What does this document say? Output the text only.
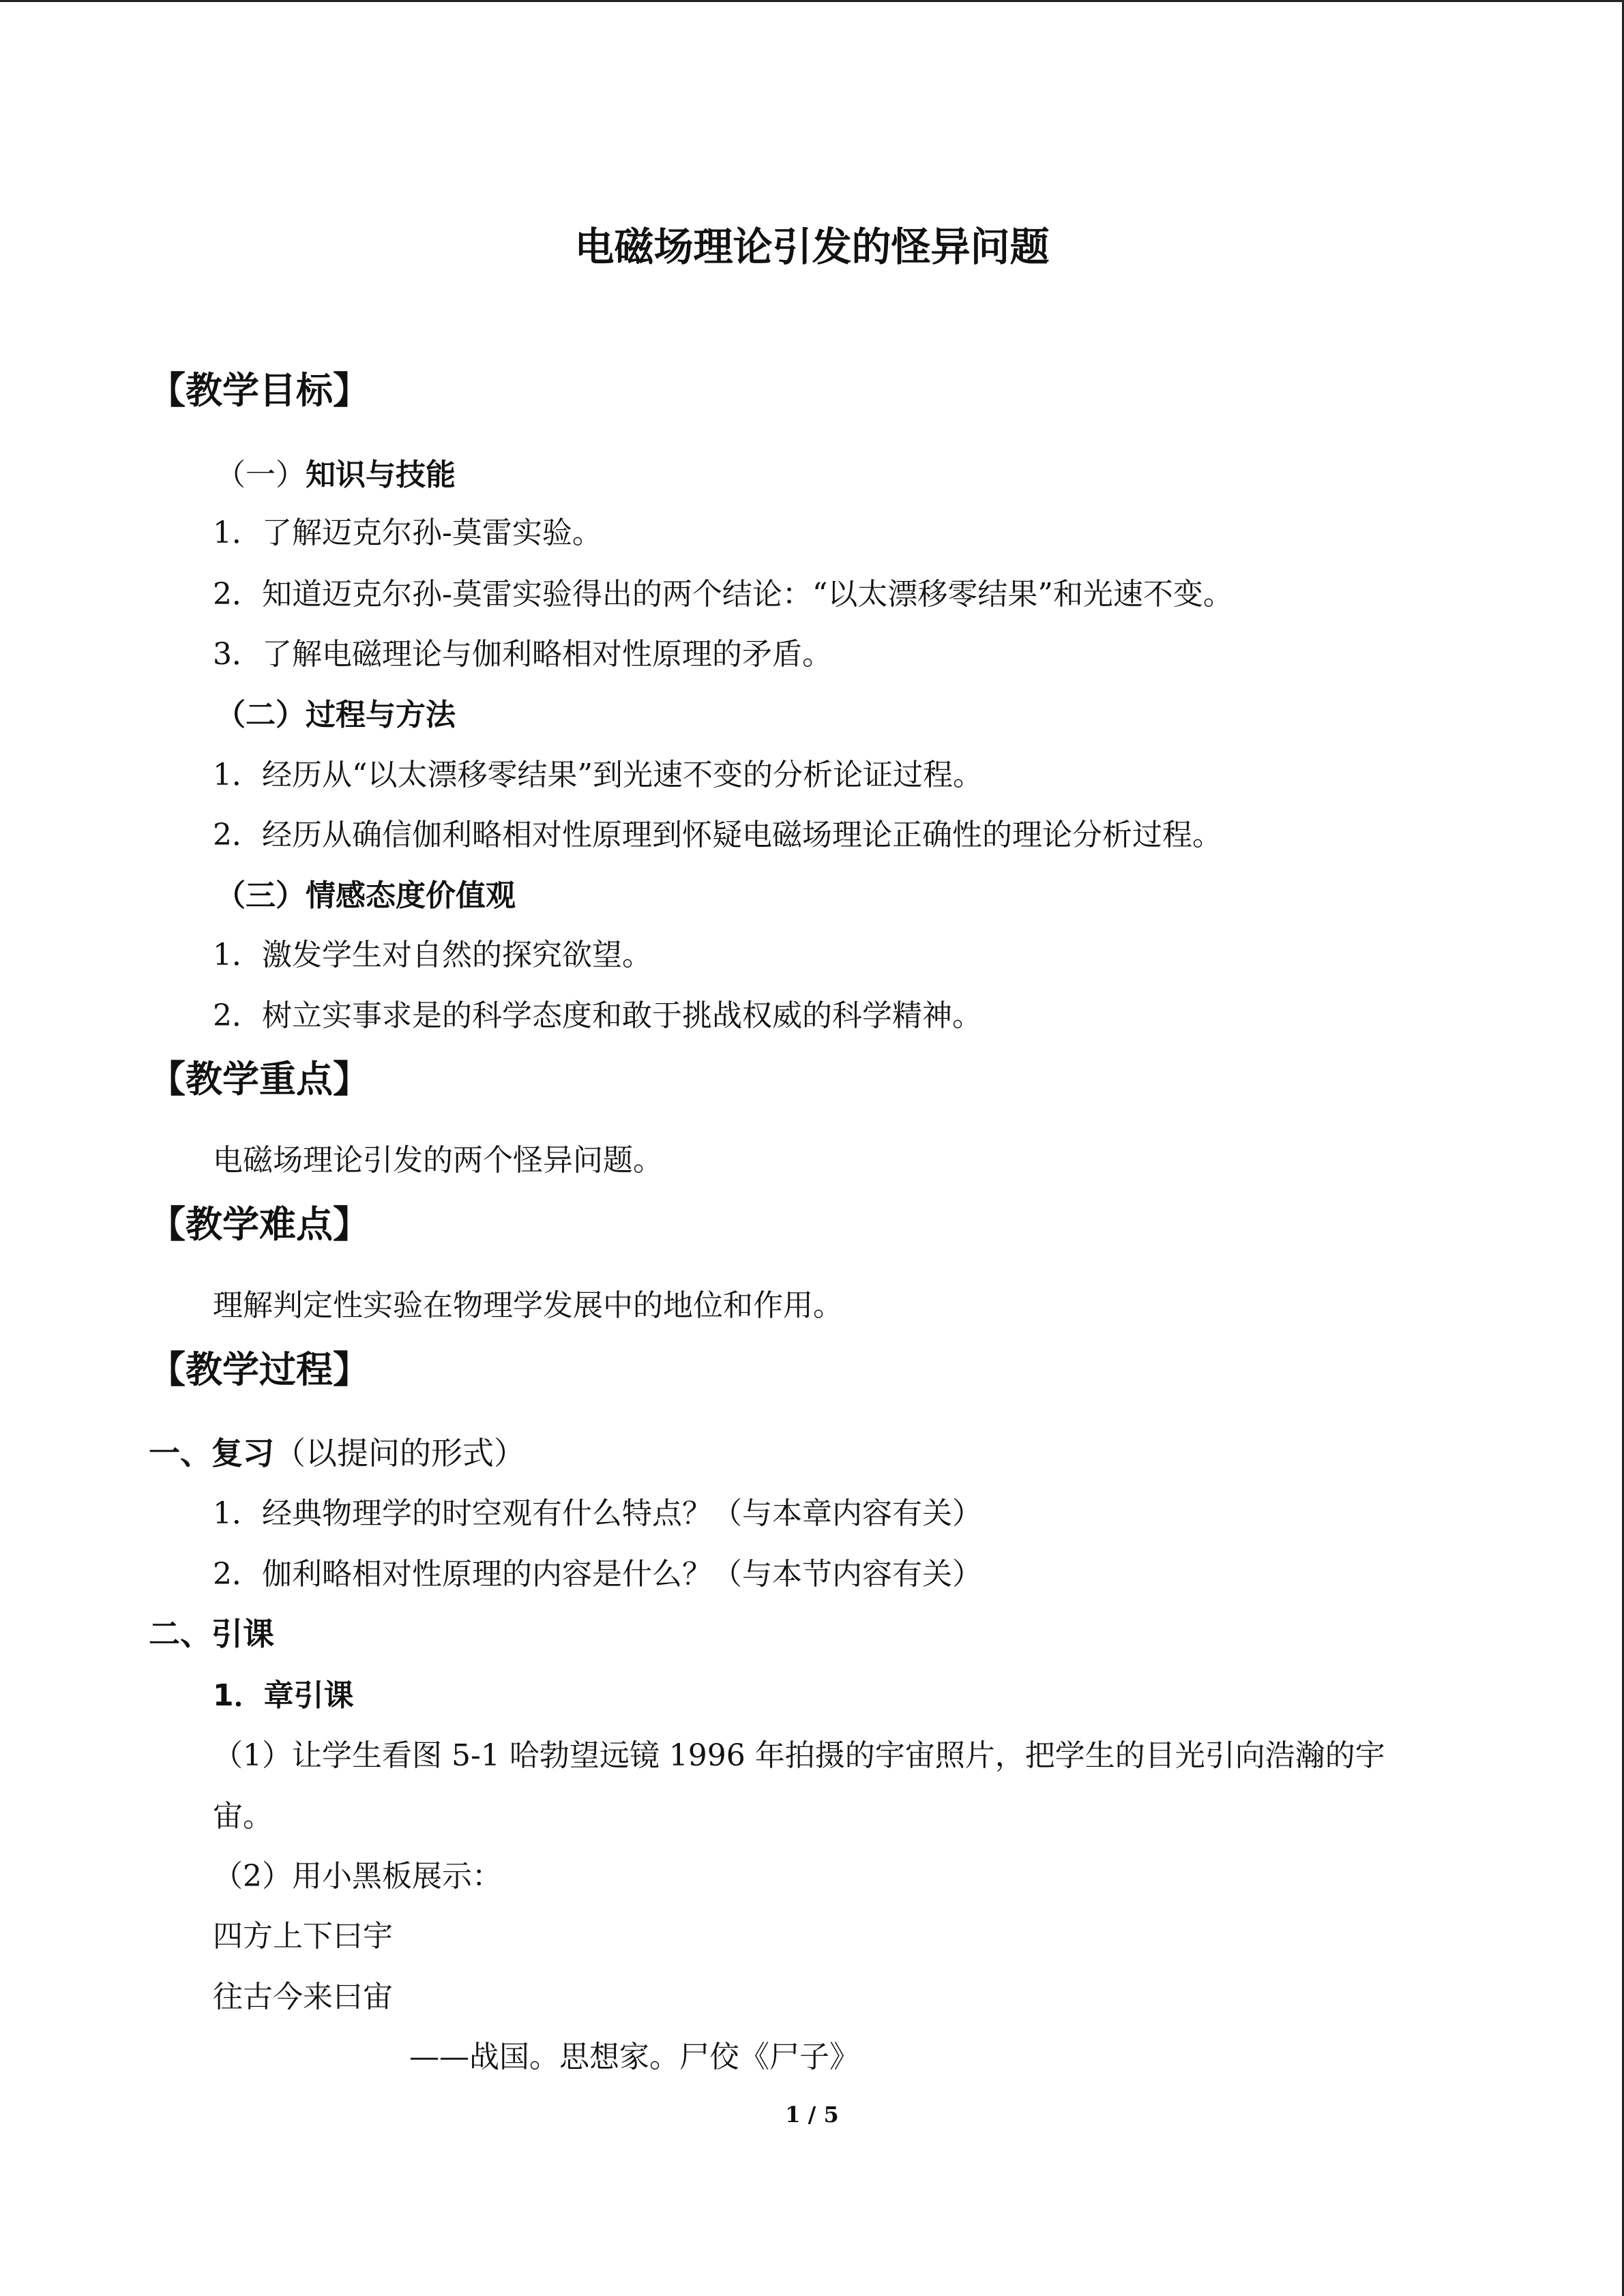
电磁场理论引发的怪异问题
【教学目标】
（一）知识与技能
1．了解迈克尔孙-莫雷实验。
2．知道迈克尔孙-莫雷实验得出的两个结论：“以太漂移零结果”和光速不变。
3．了解电磁理论与伽利略相对性原理的矛盾。
（二）过程与方法
1．经历从“以太漂移零结果”到光速不变的分析论证过程。
2．经历从确信伽利略相对性原理到怀疑电磁场理论正确性的理论分析过程。
（三）情感态度价值观
1．激发学生对自然的探究欲望。
2．树立实事求是的科学态度和敢于挑战权威的科学精神。
【教学重点】
电磁场理论引发的两个怪异问题。
【教学难点】
理解判定性实验在物理学发展中的地位和作用。
【教学过程】
一、复习（以提问的形式）
1．经典物理学的时空观有什么特点？（与本章内容有关）
2．伽利略相对性原理的内容是什么？（与本节内容有关）
二、引课
1．章引课
（1）让学生看图 5-1 哈勃望远镜 1996 年拍摄的宇宙照片，把学生的目光引向浩瀚的宇
宙。
（2）用小黑板展示：
四方上下曰宇
往古今来曰宙
——战国。思想家。尸佼《尸子》
1 / 5
